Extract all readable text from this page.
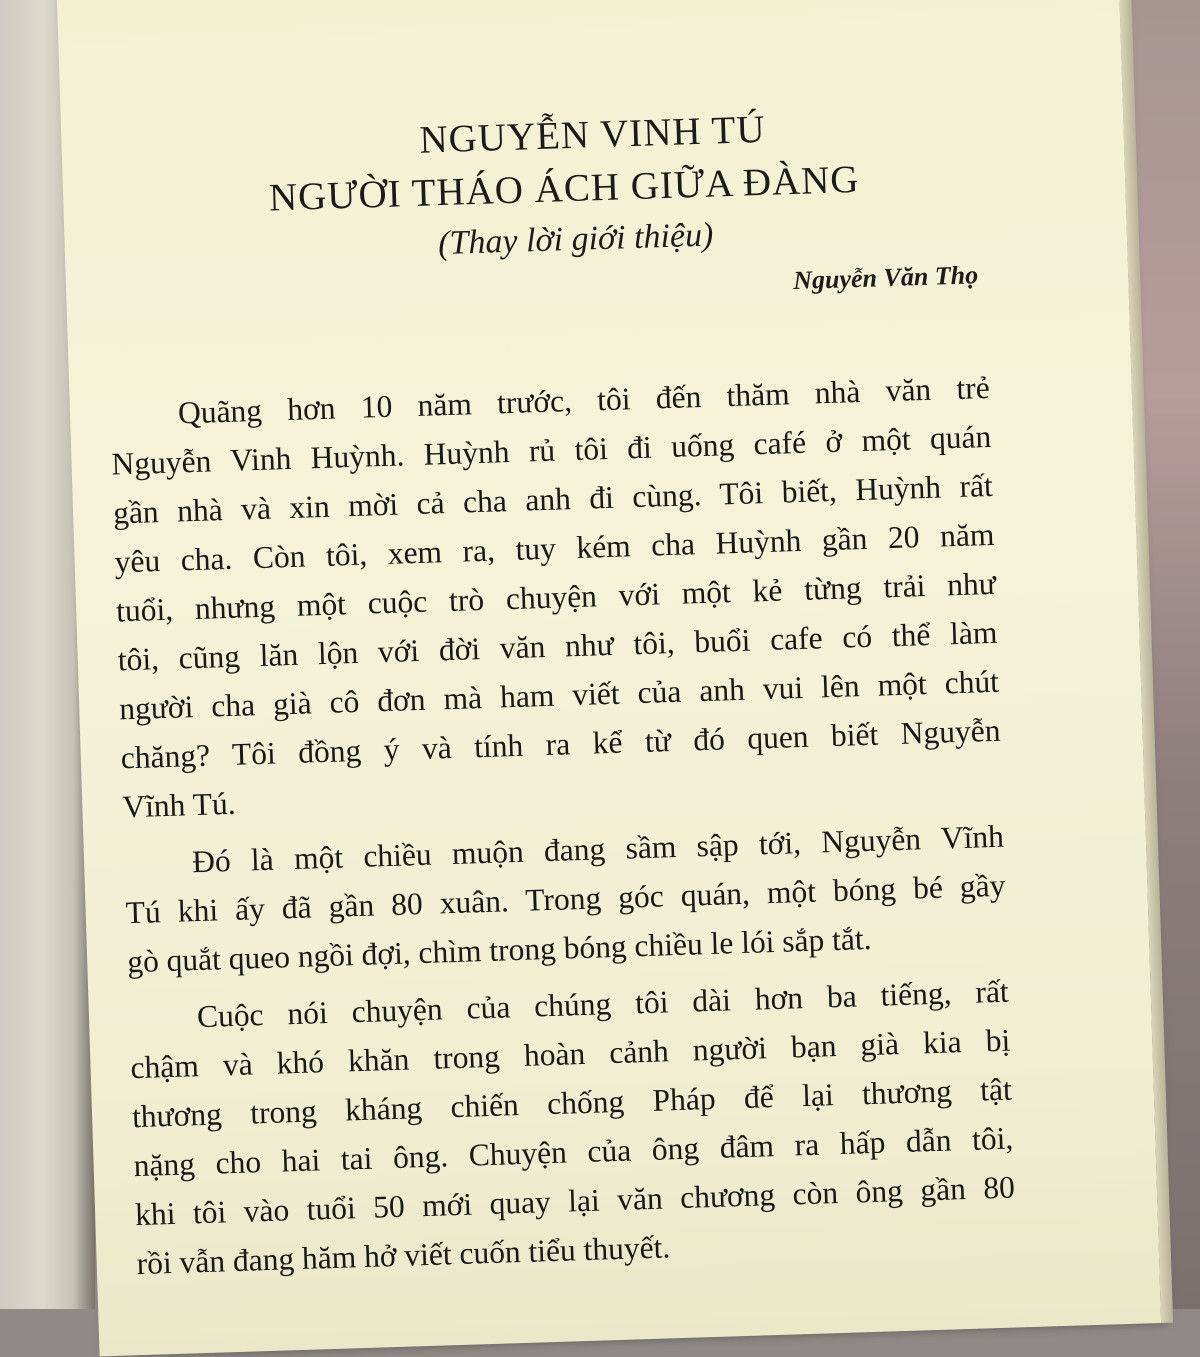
NGUYỄN VINH TÚ
NGƯỜI THÁO ÁCH GIỮA ĐÀNG
(Thay lời giới thiệu)
Nguyễn Văn Thọ

Quãng hơn 10 năm trước, tôi đến thăm nhà văn trẻ
Nguyễn Vinh Huỳnh. Huỳnh rủ tôi đi uống café ở một quán
gần nhà và xin mời cả cha anh đi cùng. Tôi biết, Huỳnh rất
yêu cha. Còn tôi, xem ra, tuy kém cha Huỳnh gần 20 năm
tuổi, nhưng một cuộc trò chuyện với một kẻ từng trải như
tôi, cũng lăn lộn với đời văn như tôi, buổi cafe có thể làm
người cha già cô đơn mà ham viết của anh vui lên một chút
chăng? Tôi đồng ý và tính ra kể từ đó quen biết Nguyễn
Vĩnh Tú.

Đó là một chiều muộn đang sầm sập tới, Nguyễn Vĩnh
Tú khi ấy đã gần 80 xuân. Trong góc quán, một bóng bé gầy
gò quắt queo ngồi đợi, chìm trong bóng chiều le lói sắp tắt.

Cuộc nói chuyện của chúng tôi dài hơn ba tiếng, rất
chậm và khó khăn trong hoàn cảnh người bạn già kia bị
thương trong kháng chiến chống Pháp để lại thương tật
nặng cho hai tai ông. Chuyện của ông đâm ra hấp dẫn tôi,
khi tôi vào tuổi 50 mới quay lại văn chương còn ông gần 80
rồi vẫn đang hăm hở viết cuốn tiểu thuyết.
